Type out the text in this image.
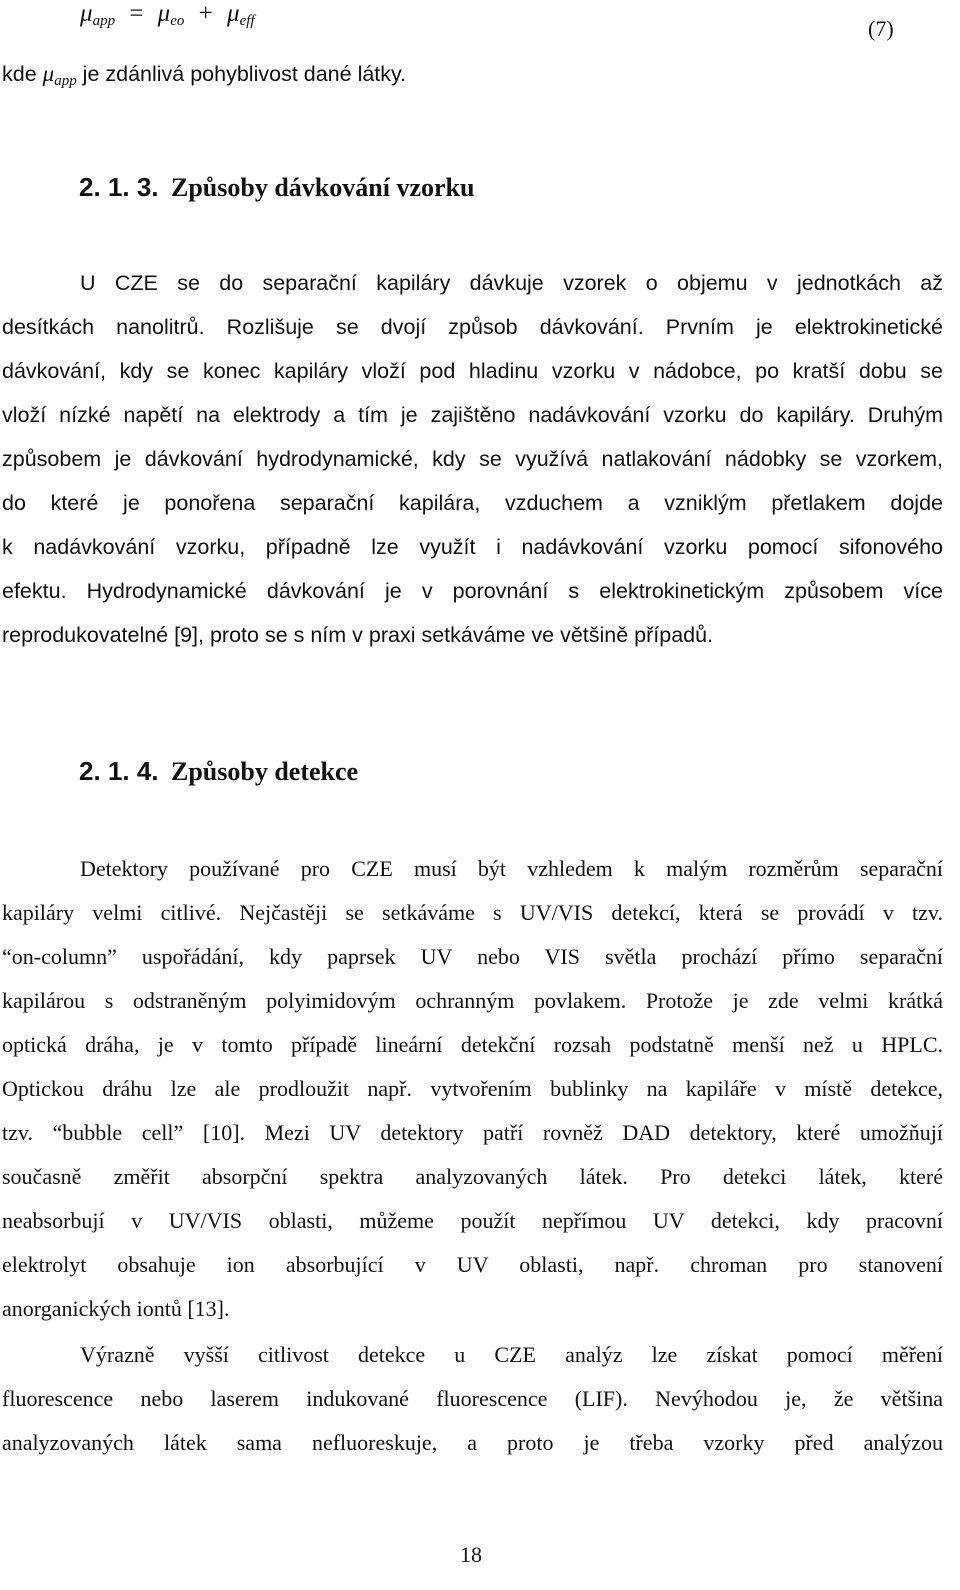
→ μapp = → μeo + → μeff	(7)
kde μapp je zdánlivá pohyblivost dané látky.
2. 1. 3. Způsoby dávkování vzorku
U CZE se do separační kapiláry dávkuje vzorek o objemu v jednotkách až
desítkách nanolitrů. Rozlišuje se dvojí způsob dávkování. Prvním je elektrokinetické
dávkování, kdy se konec kapiláry vloží pod hladinu vzorku v nádobce, po kratší dobu se
vloží nízké napětí na elektrody a tím je zajištěno nadávkování vzorku do kapiláry. Druhým
způsobem je dávkování hydrodynamické, kdy se využívá natlakování nádobky se vzorkem,
do které je ponořena separační kapilára, vzduchem a vzniklým přetlakem dojde
k nadávkování vzorku, případně lze využít i nadávkování vzorku pomocí sifonového
efektu. Hydrodynamické dávkování je v porovnání s elektrokinetickým způsobem více
reprodukovatelné [9], proto se s ním v praxi setkáváme ve většině případů.
2. 1. 4. Způsoby detekce
Detektory používané pro CZE musí být vzhledem k malým rozměrům separační
kapiláry velmi citlivé. Nejčastěji se setkáváme s UV/VIS detekcí, která se provádí v tzv.
“on-column” uspořádání, kdy paprsek UV nebo VIS světla prochází přímo separační
kapilárou s odstraněným polyimidovým ochranným povlakem. Protože je zde velmi krátká
optická dráha, je v tomto případě lineární detekční rozsah podstatně menší než u HPLC.
Optickou dráhu lze ale prodloužit např. vytvořením bublinky na kapiláře v místě detekce,
tzv. “bubble cell” [10]. Mezi UV detektory patří rovněž DAD detektory, které umožňují
současně změřit absorpční spektra analyzovaných látek. Pro detekci látek, které
neabsorbují v UV/VIS oblasti, můžeme použít nepřímou UV detekci, kdy pracovní
elektrolyt obsahuje ion absorbující v UV oblasti, např. chroman pro stanovení
anorganických iontů [13].
Výrazně vyšší citlivost detekce u CZE analýz lze získat pomocí měření
fluorescence nebo laserem indukované fluorescence (LIF). Nevýhodou je, že většina
analyzovaných látek sama nefluoreskuje, a proto je třeba vzorky před analýzou
18
